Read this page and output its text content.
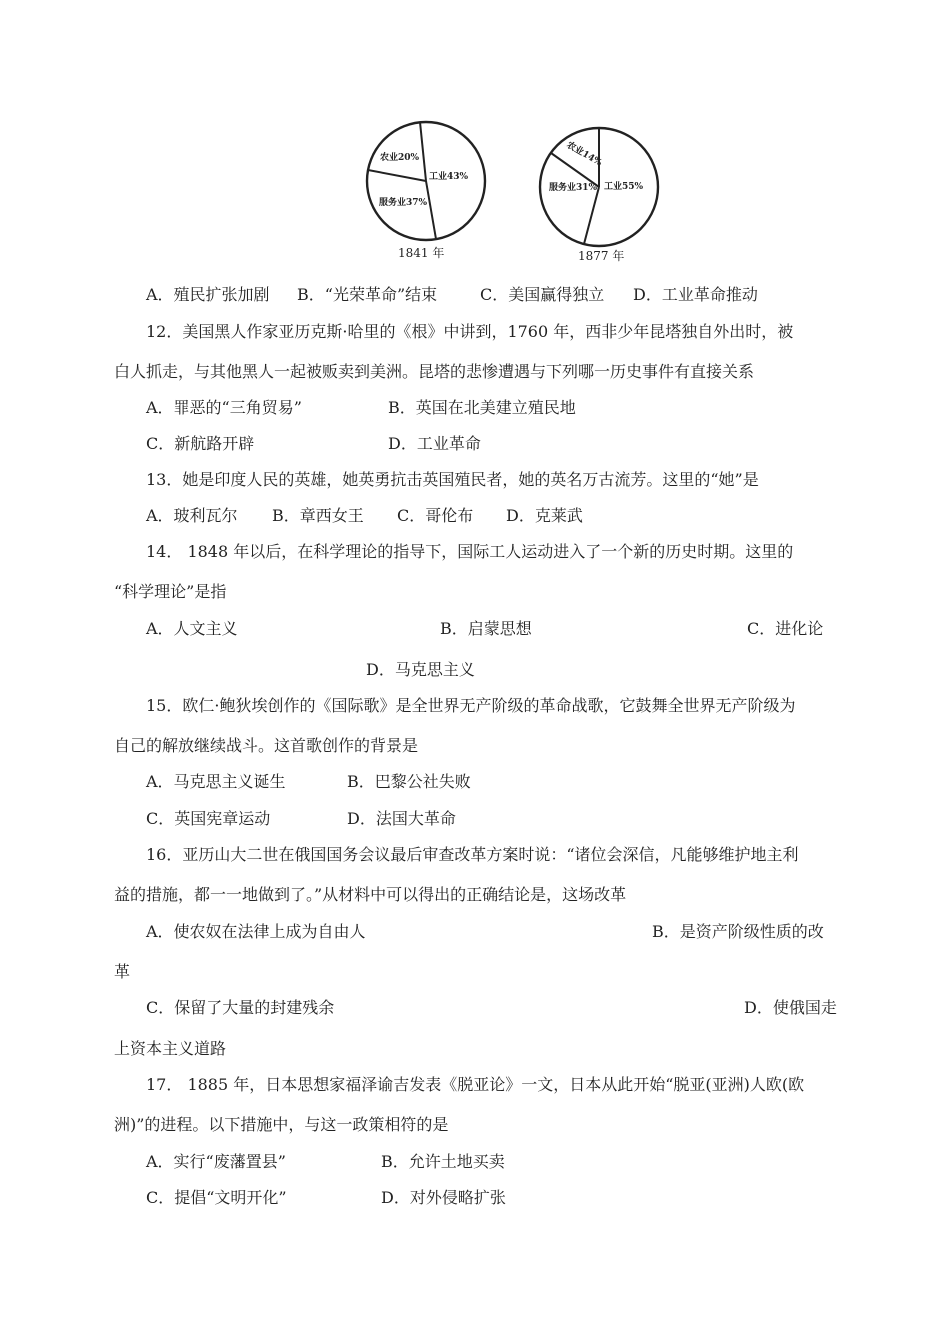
农业20%
工业43%
服务业37%
1841 年
农业14%
工业55%
服务业31%
1877 年
A．殖民扩张加剧 B．“光荣革命”结束	C．美国赢得独立 D．工业革命推动
12．美国黑人作家亚历克斯·哈里的《根》中讲到，1760 年，西非少年昆塔独自外出时，被
白人抓走，与其他黑人一起被贩卖到美洲。昆塔的悲惨遭遇与下列哪一历史事件有直接关系
A．罪恶的“三角贸易”	B．英国在北美建立殖民地
C．新航路开辟	D．工业革命
13．她是印度人民的英雄，她英勇抗击英国殖民者，她的英名万古流芳。这里的“她”是
A．玻利瓦尔 B．章西女王 C．哥伦布 D．克莱武
14． 1848 年以后，在科学理论的指导下，国际工人运动进入了一个新的历史时期。这里的
“科学理论”是指
A．人文主义	B．启蒙思想	C．进化论
D．马克思主义
15．欧仁·鲍狄埃创作的《国际歌》是全世界无产阶级的革命战歌，它鼓舞全世界无产阶级为
自己的解放继续战斗。这首歌创作的背景是
A．马克思主义诞生	B．巴黎公社失败
C．英国宪章运动	D．法国大革命
16．亚历山大二世在俄国国务会议最后审查改革方案时说：“诸位会深信，凡能够维护地主利
益的措施，都一一地做到了。”从材料中可以得出的正确结论是，这场改革
A．使农奴在法律上成为自由人	B．是资产阶级性质的改
革
C．保留了大量的封建残余	D．使俄国走
上资本主义道路
17． 1885 年，日本思想家福泽谕吉发表《脱亚论》一文，日本从此开始“脱亚(亚洲)人欧(欧
洲)”的进程。以下措施中，与这一政策相符的是
A．实行“废藩置县”	B．允许土地买卖
C．提倡“文明开化”	D．对外侵略扩张
